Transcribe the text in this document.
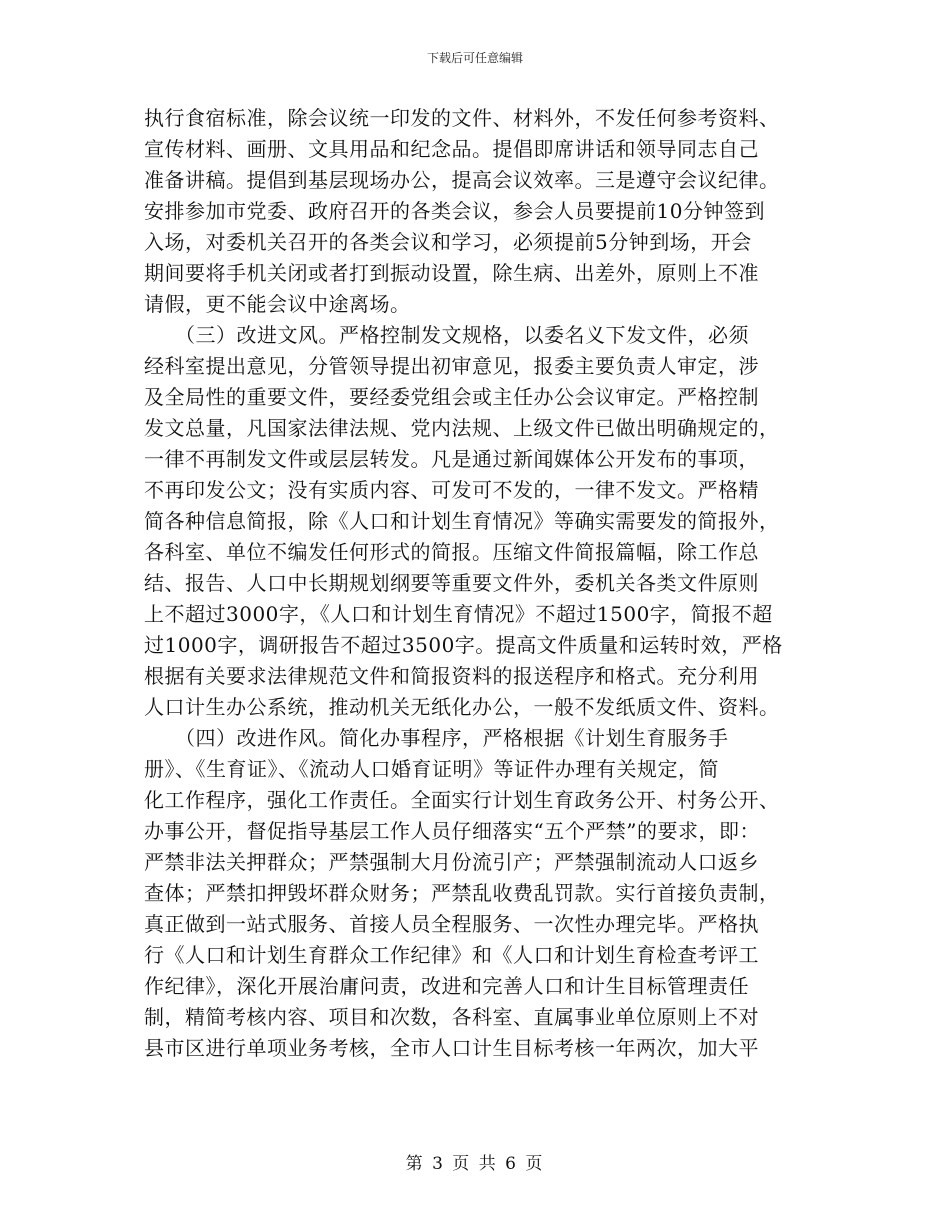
下载后可任意编辑
执行食宿标准，除会议统一印发的文件、材料外，不发任何参考资料、
宣传材料、画册、文具用品和纪念品。提倡即席讲话和领导同志自己
准备讲稿。提倡到基层现场办公，提高会议效率。三是遵守会议纪律。
安排参加市党委、政府召开的各类会议，参会人员要提前10分钟签到
入场，对委机关召开的各类会议和学习，必须提前5分钟到场，开会
期间要将手机关闭或者打到振动设置，除生病、出差外，原则上不准
请假，更不能会议中途离场。
　　（三）改进文风。严格控制发文规格，以委名义下发文件，必须
经科室提出意见，分管领导提出初审意见，报委主要负责人审定，涉
及全局性的重要文件，要经委党组会或主任办公会议审定。严格控制
发文总量，凡国家法律法规、党内法规、上级文件已做出明确规定的，
一律不再制发文件或层层转发。凡是通过新闻媒体公开发布的事项，
不再印发公文；没有实质内容、可发可不发的，一律不发文。严格精
简各种信息简报，除《人口和计划生育情况》等确实需要发的简报外，
各科室、单位不编发任何形式的简报。压缩文件简报篇幅，除工作总
结、报告、人口中长期规划纲要等重要文件外，委机关各类文件原则
上不超过3000字，《人口和计划生育情况》不超过1500字，简报不超
过1000字，调研报告不超过3500字。提高文件质量和运转时效，严格
根据有关要求法律规范文件和简报资料的报送程序和格式。充分利用
人口计生办公系统，推动机关无纸化办公，一般不发纸质文件、资料。
　　（四）改进作风。简化办事程序，严格根据《计划生育服务手
册》、《生育证》、《流动人口婚育证明》等证件办理有关规定，简
化工作程序，强化工作责任。全面实行计划生育政务公开、村务公开、
办事公开，督促指导基层工作人员仔细落实“五个严禁”的要求，即：
严禁非法关押群众；严禁强制大月份流引产；严禁强制流动人口返乡
查体；严禁扣押毁坏群众财务；严禁乱收费乱罚款。实行首接负责制，
真正做到一站式服务、首接人员全程服务、一次性办理完毕。严格执
行《人口和计划生育群众工作纪律》和《人口和计划生育检查考评工
作纪律》，深化开展治庸问责，改进和完善人口和计生目标管理责任
制，精简考核内容、项目和次数，各科室、直属事业单位原则上不对
县市区进行单项业务考核，全市人口计生目标考核一年两次，加大平
第 3 页 共 6 页
